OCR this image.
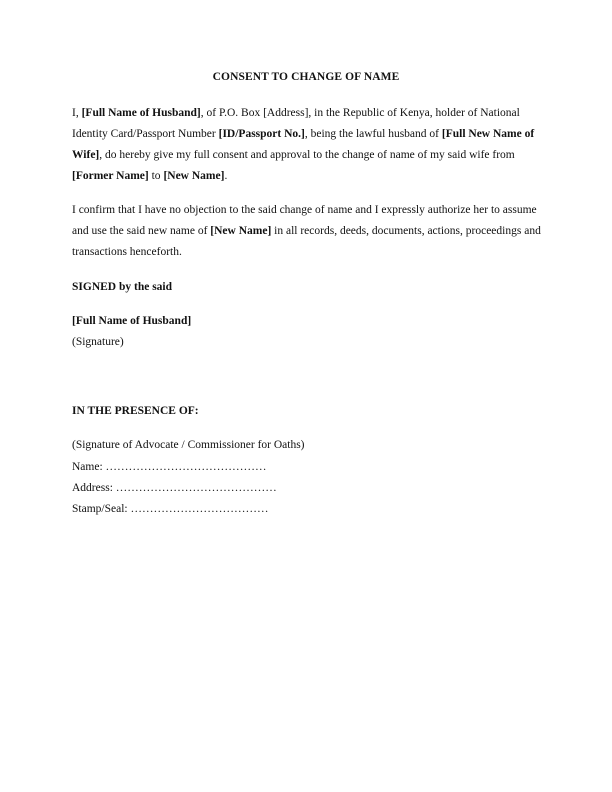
CONSENT TO CHANGE OF NAME
I, [Full Name of Husband], of P.O. Box [Address], in the Republic of Kenya, holder of National Identity Card/Passport Number [ID/Passport No.], being the lawful husband of [Full New Name of Wife], do hereby give my full consent and approval to the change of name of my said wife from [Former Name] to [New Name].
I confirm that I have no objection to the said change of name and I expressly authorize her to assume and use the said new name of [New Name] in all records, deeds, documents, actions, proceedings and transactions henceforth.
SIGNED by the said
[Full Name of Husband]
(Signature)
IN THE PRESENCE OF:
(Signature of Advocate / Commissioner for Oaths)
Name: ……………………………………
Address: ……………………………………
Stamp/Seal: ………………………………
